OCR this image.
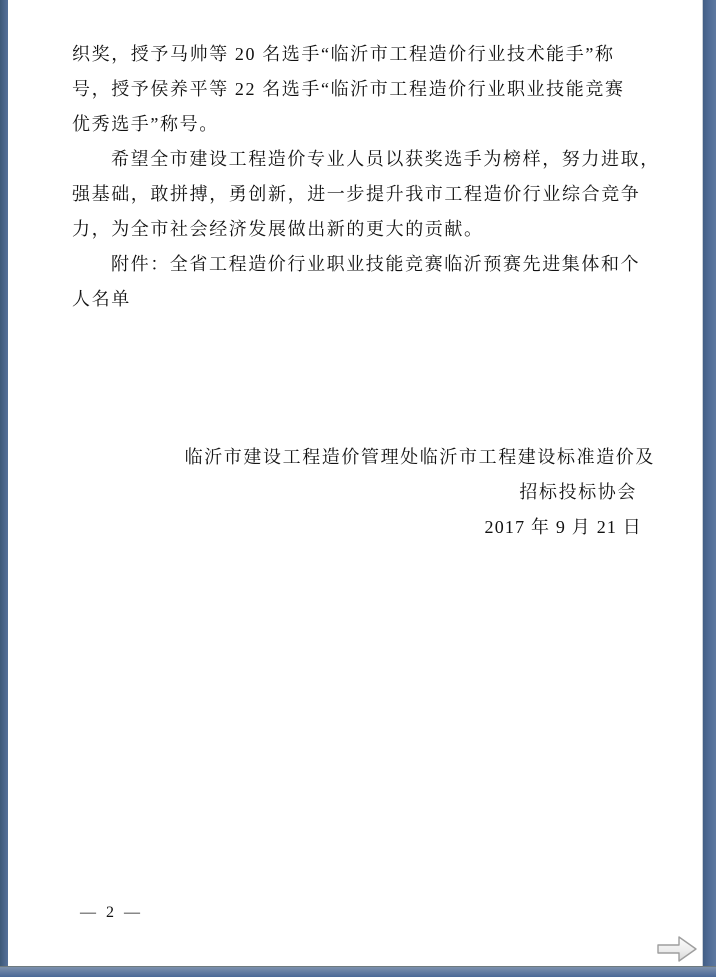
织奖，授予马帅等 20 名选手“临沂市工程造价行业技术能手”称
号，授予侯养平等 22 名选手“临沂市工程造价行业职业技能竞赛
优秀选手”称号。
希望全市建设工程造价专业人员以获奖选手为榜样，努力进取，
强基础，敢拼搏，勇创新，进一步提升我市工程造价行业综合竞争
力，为全市社会经济发展做出新的更大的贡献。
附件：全省工程造价行业职业技能竞赛临沂预赛先进集体和个
人名单
临沂市建设工程造价管理处临沂市工程建设标准造价及
招标投标协会
2017 年 9 月 21 日
— 2 —
